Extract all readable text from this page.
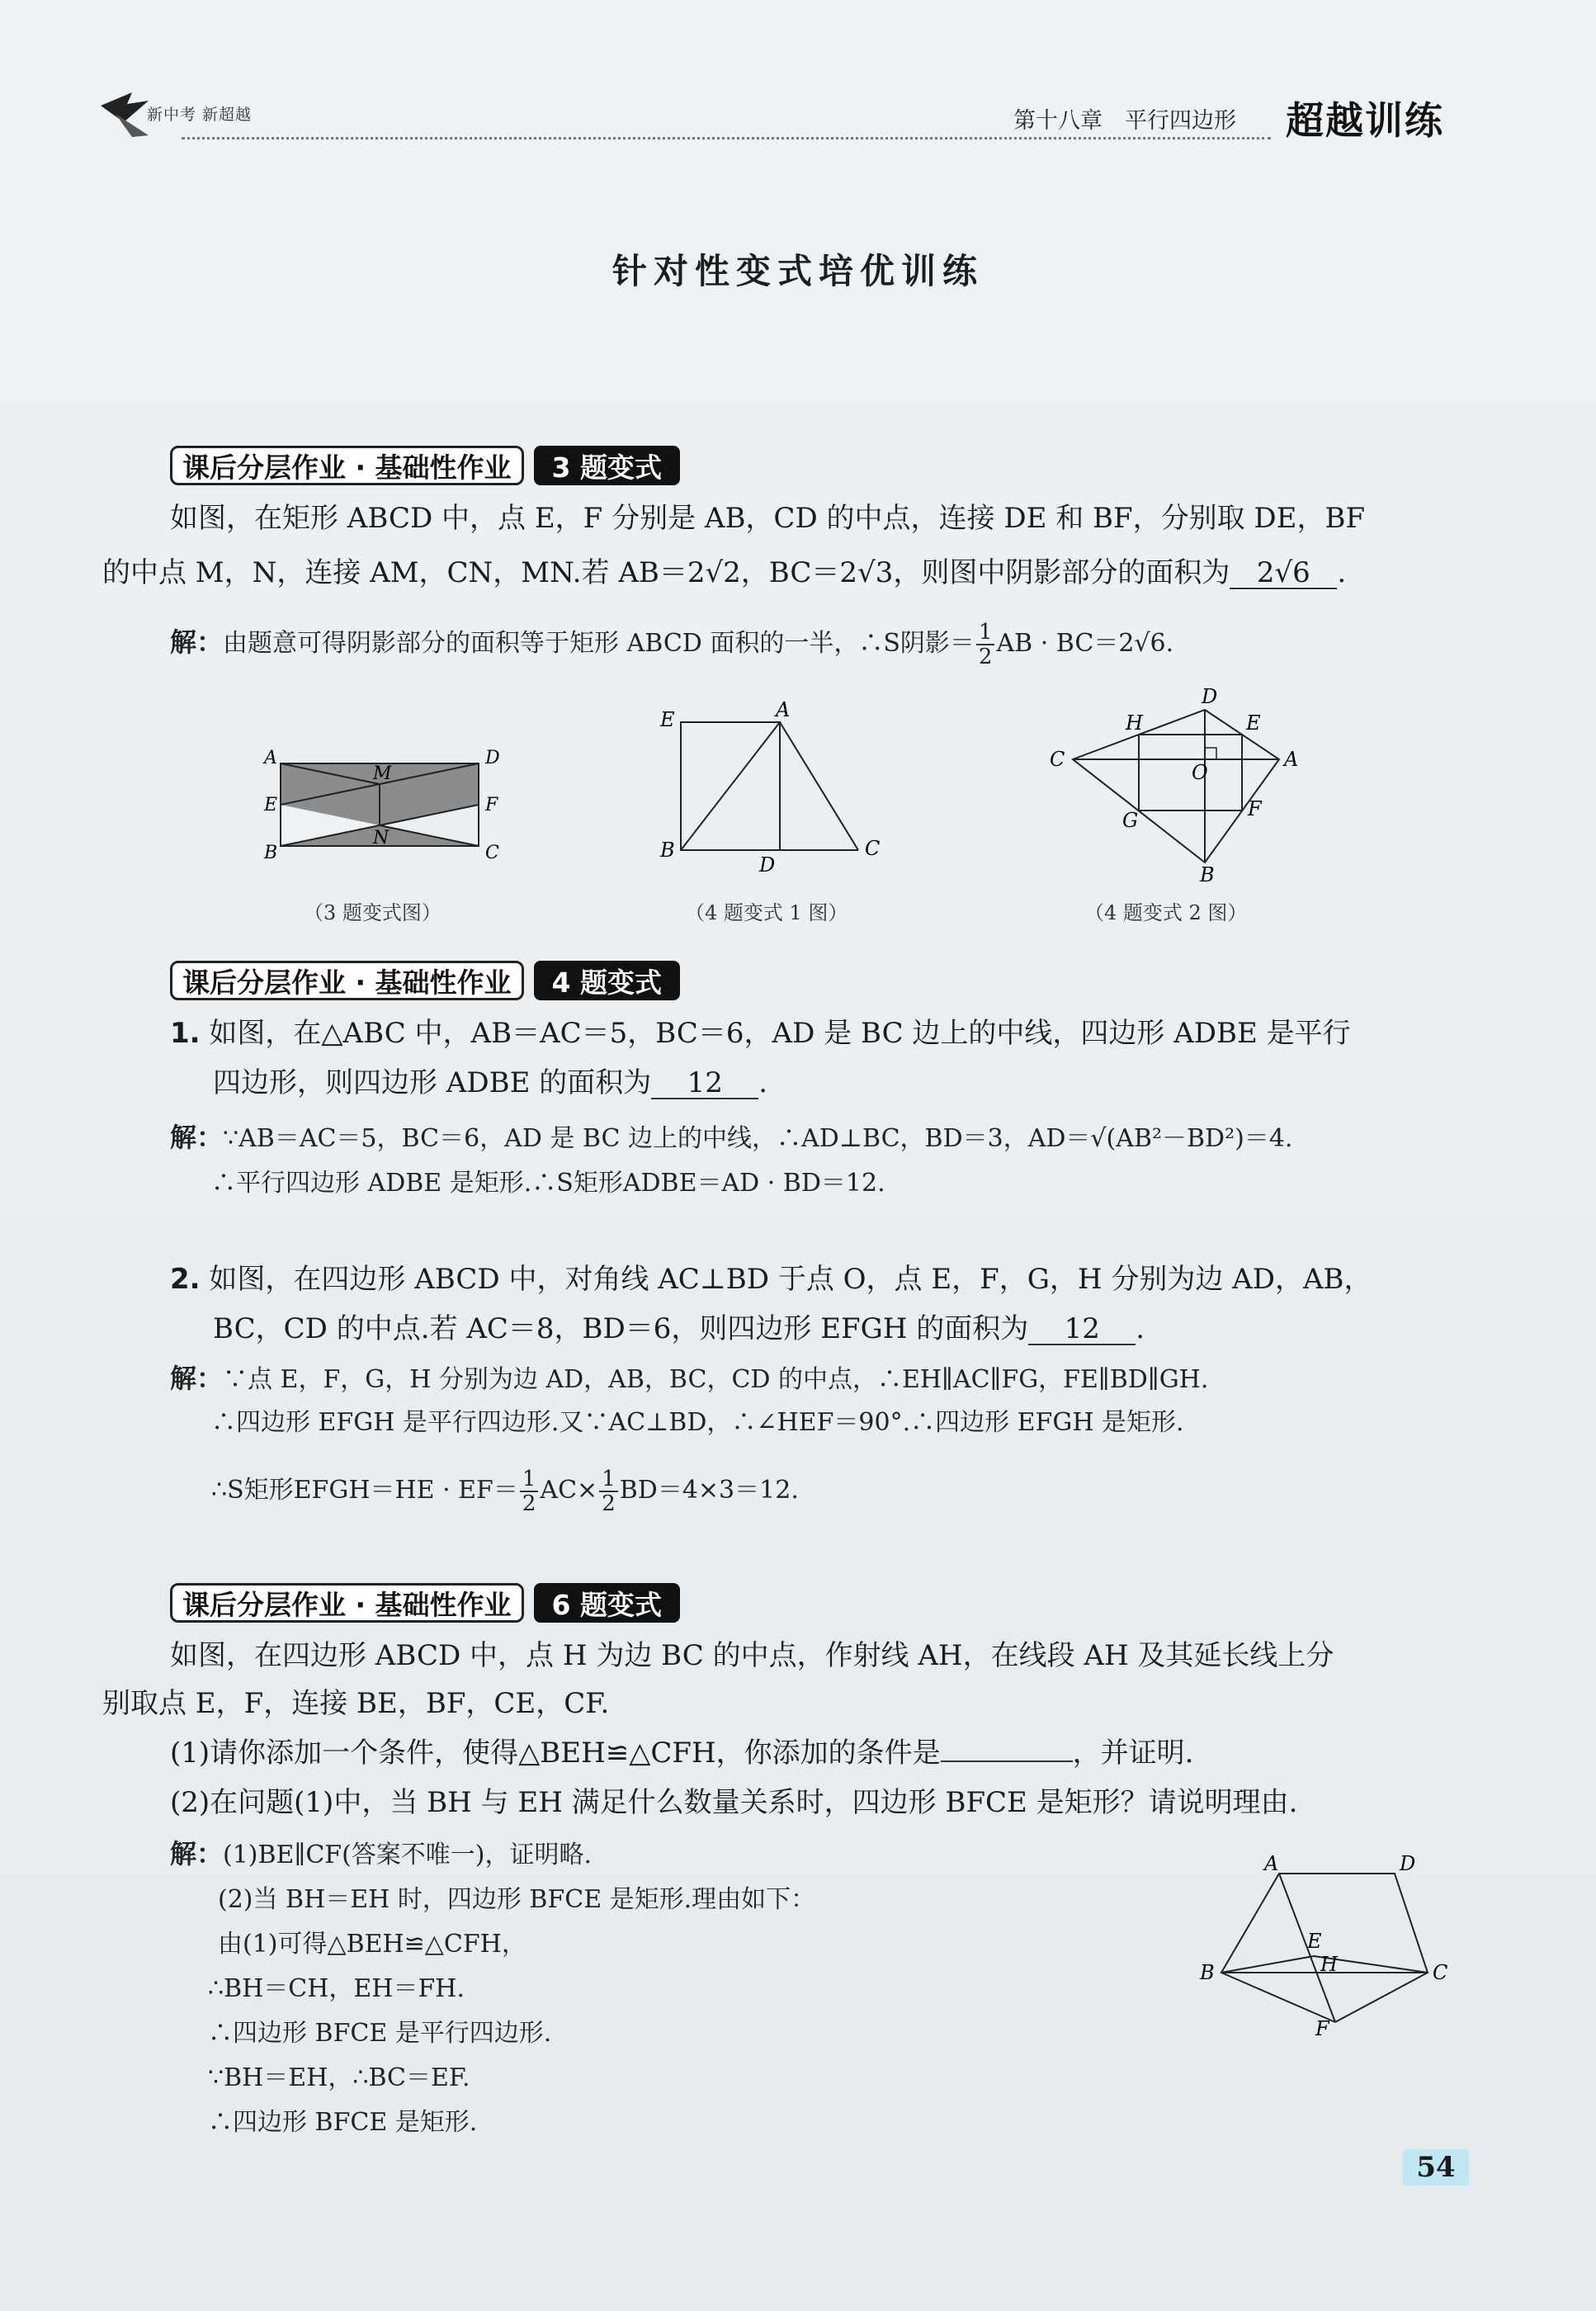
新中考 新超越	第十八章　平行四边形 超越训练
针对性变式培优训练
课后分层作业 · 基础性作业	3 题变式
如图，在矩形 ABCD 中，点 E，F 分别是 AB，CD 的中点，连接 DE 和 BF，分别取 DE，BF
的中点 M，N，连接 AM，CN，MN.若 AB＝2√2，BC＝2√3，则图中阴影部分的面积为 2√6 .
解：由题意可得阴影部分的面积等于矩形 ABCD 面积的一半，∴S阴影＝ $\frac{1}{2}$ AB · BC＝2√6.
A
M
D
E	F
B
N
C
（3 题变式图）
E	A
B
D
C
（4 题变式 1 图）
D
H	E
C
O
A
G	F
B
（4 题变式 2 图）
课后分层作业 · 基础性作业	4 题变式
1. 如图，在△ABC 中，AB＝AC＝5，BC＝6，AD 是 BC 边上的中线，四边形 ADBE 是平行
四边形，则四边形 ADBE 的面积为 12 .
解：∵AB＝AC＝5，BC＝6，AD 是 BC 边上的中线，∴AD⊥BC，BD＝3，AD＝√(AB²－BD²)＝4.
∴平行四边形 ADBE 是矩形.∴S矩形ADBE＝AD · BD＝12.
2. 如图，在四边形 ABCD 中，对角线 AC⊥BD 于点 O，点 E，F，G，H 分别为边 AD，AB，
BC，CD 的中点.若 AC＝8，BD＝6，则四边形 EFGH 的面积为 12 .
解：∵点 E，F，G，H 分别为边 AD，AB，BC，CD 的中点，∴EH∥AC∥FG，FE∥BD∥GH.
∴四边形 EFGH 是平行四边形.又∵AC⊥BD，∴∠HEF＝90°.∴四边形 EFGH 是矩形.
∴S矩形EFGH＝HE · $EF= \frac{1}{2} AC\times \frac{1}{2} BD=4\times 3=12$.
课后分层作业 · 基础性作业	6 题变式
如图，在四边形 ABCD 中，点 H 为边 BC 的中点，作射线 AH，在线段 AH 及其延长线上分
别取点 E，F，连接 BE，BF，CE，CF.
(1)请你添加一个条件，使得△BEH≌△CFH，你添加的条件是	，并证明.
(2)在问题(1)中，当 BH 与 EH 满足什么数量关系时，四边形 BFCE 是矩形？请说明理由.
解：(1)BE∥CF(答案不唯一)，证明略.
(2)当 BH＝EH 时，四边形 BFCE 是矩形.理由如下：
由(1)可得△BEH≌△CFH，
∴BH＝CH，EH＝FH.
∴四边形 BFCE 是平行四边形.
∵BH＝EH，∴BC＝EF.
∴四边形 BFCE 是矩形.
A	D
E
B	H	C
F
54
